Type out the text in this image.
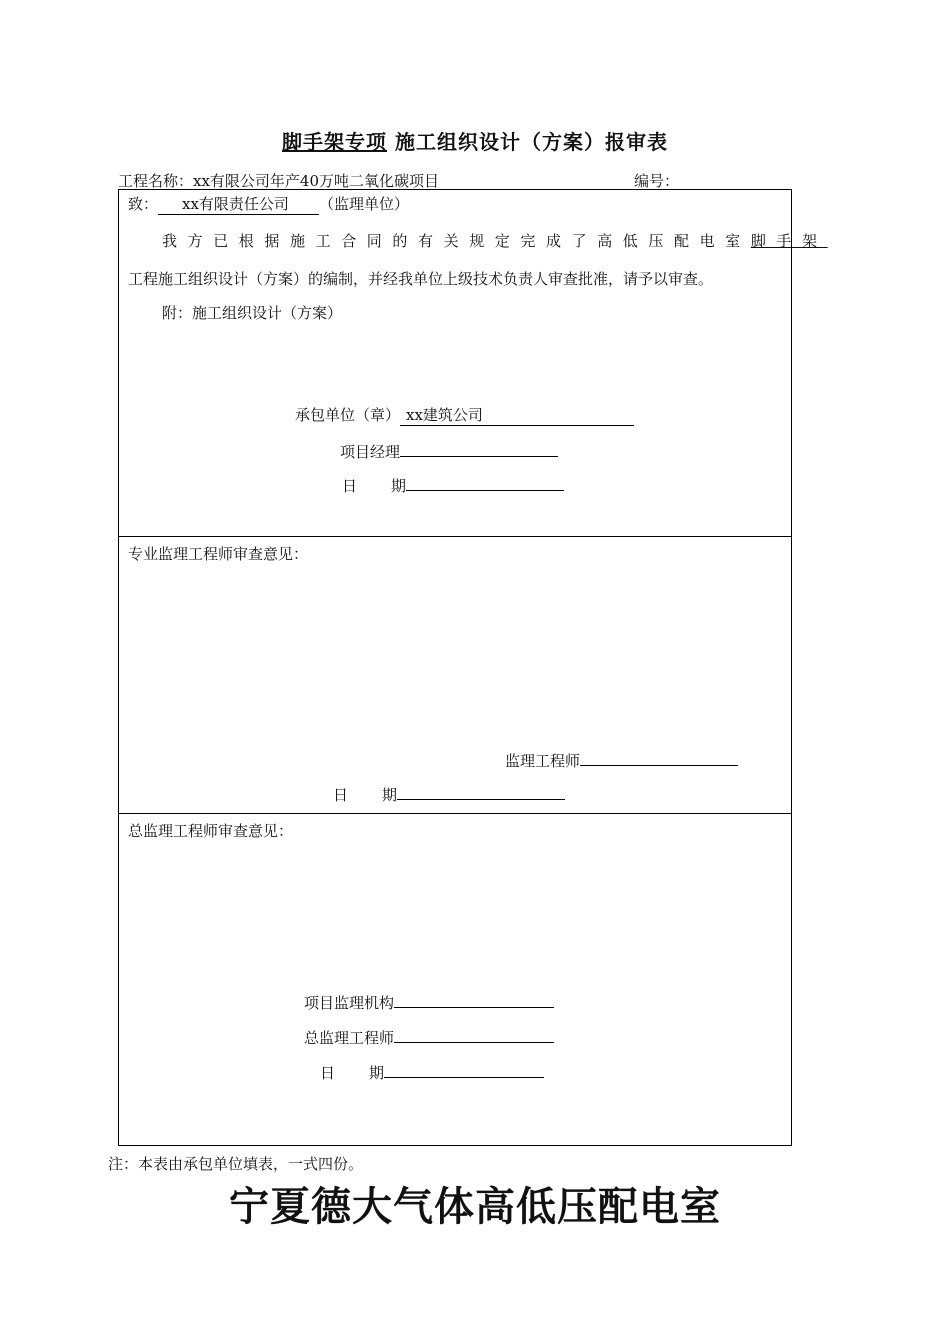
脚手架专项 施工组织设计（方案）报审表
工程名称：xx有限公司年产40万吨二氧化碳项目	编号：
致： xx有限责任公司 （监理单位）
我方已根据施工合同的有关规定完成了高低压配电室脚手架
工程施工组织设计（方案）的编制，并经我单位上级技术负责人审查批准，请予以审查。
附：施工组织设计（方案）
承包单位（章） xx建筑公司
项目经理
日 期
专业监理工程师审查意见：
监理工程师
日 期
总监理工程师审查意见：
项目监理机构
总监理工程师
日 期
注：本表由承包单位填表，一式四份。
宁夏德大气体高低压配电室
